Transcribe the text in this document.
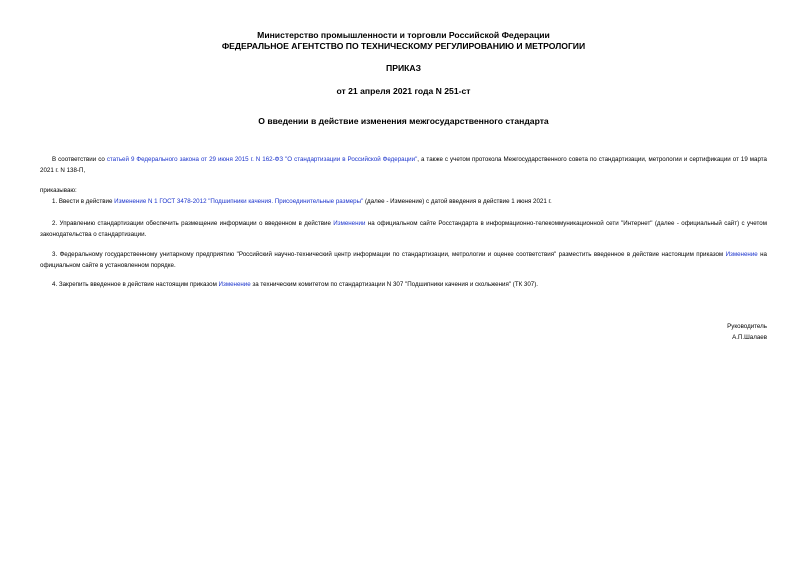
Министерство промышленности и торговли Российской Федерации
ФЕДЕРАЛЬНОЕ АГЕНТСТВО ПО ТЕХНИЧЕСКОМУ РЕГУЛИРОВАНИЮ И МЕТРОЛОГИИ
ПРИКАЗ
от 21 апреля 2021 года N 251-ст
О введении в действие изменения межгосударственного стандарта
В соответствии со статьей 9 Федерального закона от 29 июня 2015 г. N 162-ФЗ "О стандартизации в Российской Федерации", а также с учетом протокола Межгосударственного совета по стандартизации, метрологии и сертификации от 19 марта 2021 г. N 138-П,
приказываю:
1. Ввести в действие Изменение N 1 ГОСТ 3478-2012 "Подшипники качения. Присоединительные размеры" (далее - Изменение) с датой введения в действие 1 июня 2021 г.
2. Управлению стандартизации обеспечить размещение информации о введенном в действие Изменении на официальном сайте Росстандарта в информационно-телекоммуникационной сети "Интернет" (далее - официальный сайт) с учетом законодательства о стандартизации.
3. Федеральному государственному унитарному предприятию "Российский научно-технический центр информации по стандартизации, метрологии и оценке соответствия" разместить введенное в действие настоящим приказом Изменение на официальном сайте в установленном порядке.
4. Закрепить введенное в действие настоящим приказом Изменение за техническим комитетом по стандартизации N 307 "Подшипники качения и скольжения" (ТК 307).
Руководитель
А.П.Шалаев
